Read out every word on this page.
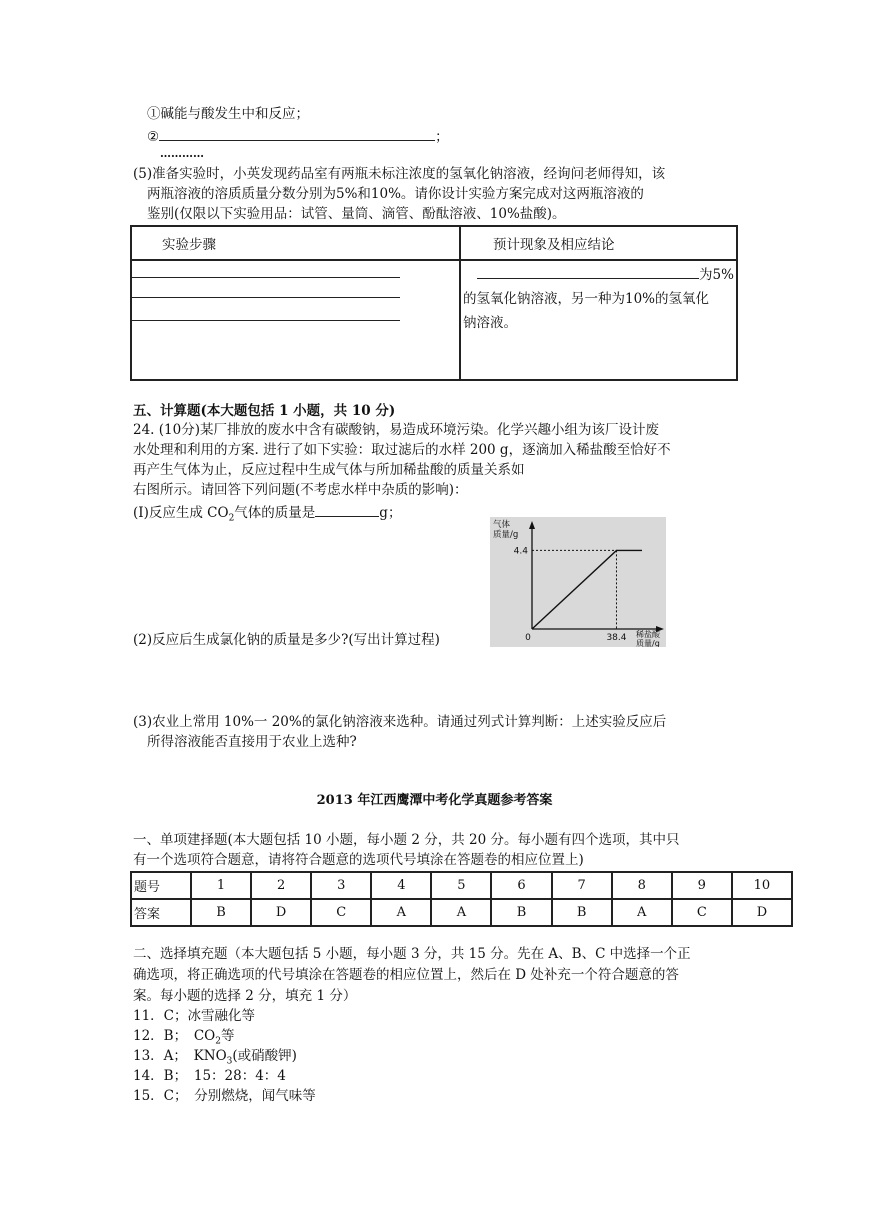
①碱能与酸发生中和反应；
②	；
…………
(5)准备实验时，小英发现药品室有两瓶未标注浓度的氢氧化钠溶液，经询问老师得知，该
两瓶溶液的溶质质量分数分别为5%和10%。请你设计实验方案完成对这两瓶溶液的
鉴别(仅限以下实验用品：试管、量筒、滴管、酚酞溶液、10%盐酸)。
实验步骤	预计现象及相应结论

	为5%
的氢氧化钠溶液，另一种为10%的氢氧化
钠溶液。
五、计算题(本大题包括 1 小题，共 10 分)
24. (10分)某厂排放的废水中含有碳酸钠，易造成环境污染。化学兴趣小组为该厂设计废
水处理和利用的方案. 进行了如下实验：取过滤后的水样 200 g，逐滴加入稀盐酸至恰好不
再产生气体为止，反应过程中生成气体与所加稀盐酸的质量关系如
右图所示。请回答下列问题(不考虑水样中杂质的影响)：
(I)反应生成 $CO_2$气体的质量是	g；
气体质量/g
4.4
0	38.4 稀盐酸质量/g
(2)反应后生成氯化钠的质量是多少?(写出计算过程)
(3)农业上常用 10%一 20%的氯化钠溶液来选种。请通过列式计算判断：上述实验反应后
所得溶液能否直接用于农业上选种?
2013 年江西鹰潭中考化学真题参考答案
一、单项建择题(本大题包括 10 小题，每小题 2 分，共 20 分。每小题有四个选项，其中只
有一个选项符合题意，请将符合题意的选项代号填涂在答题卷的相应位置上)
题号	1	2	3	4	5	6	7	8	9	10
答案	B	D	C	A	A	B	B	A	C	D
二、选择填充题（本大题包括 5 小题，每小题 3 分，共 15 分。先在 A、B、C 中选择一个正
确选项，将正确选项的代号填涂在答题卷的相应位置上，然后在 D 处补充一个符合题意的答
案。每小题的选择 2 分，填充 1 分）
11．C；冰雪融化等
12．B；　$CO_2$等
13．A；　$KNO_3$(或硝酸钾)
14．B；　15：28：4：4
15．C；　分别燃烧，闻气味等
